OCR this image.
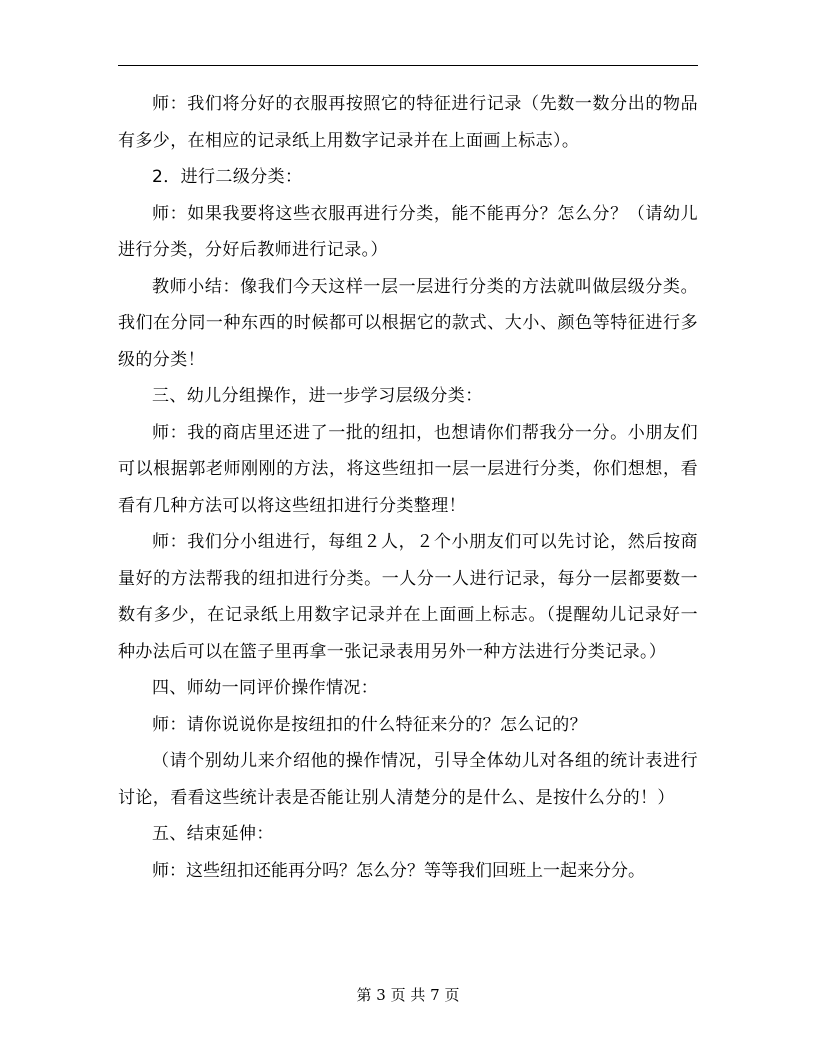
师：我们将分好的衣服再按照它的特征进行记录（先数一数分出的物品有多少，在相应的记录纸上用数字记录并在上面画上标志）。

2．进行二级分类：

师：如果我要将这些衣服再进行分类，能不能再分？怎么分？（请幼儿进行分类，分好后教师进行记录。）

教师小结：像我们今天这样一层一层进行分类的方法就叫做层级分类。我们在分同一种东西的时候都可以根据它的款式、大小、颜色等特征进行多级的分类！

三、幼儿分组操作，进一步学习层级分类：

师：我的商店里还进了一批的纽扣，也想请你们帮我分一分。小朋友们可以根据郭老师刚刚的方法，将这些纽扣一层一层进行分类，你们想想，看看有几种方法可以将这些纽扣进行分类整理！

师：我们分小组进行，每组２人，２个小朋友们可以先讨论，然后按商量好的方法帮我的纽扣进行分类。一人分一人进行记录，每分一层都要数一数有多少，在记录纸上用数字记录并在上面画上标志。（提醒幼儿记录好一种办法后可以在篮子里再拿一张记录表用另外一种方法进行分类记录。）

四、师幼一同评价操作情况：

师：请你说说你是按纽扣的什么特征来分的？怎么记的？

（请个别幼儿来介绍他的操作情况，引导全体幼儿对各组的统计表进行讨论，看看这些统计表是否能让别人清楚分的是什么、是按什么分的！）

五、结束延伸：

师：这些纽扣还能再分吗？怎么分？等等我们回班上一起来分分。

第 3 页 共 7 页
